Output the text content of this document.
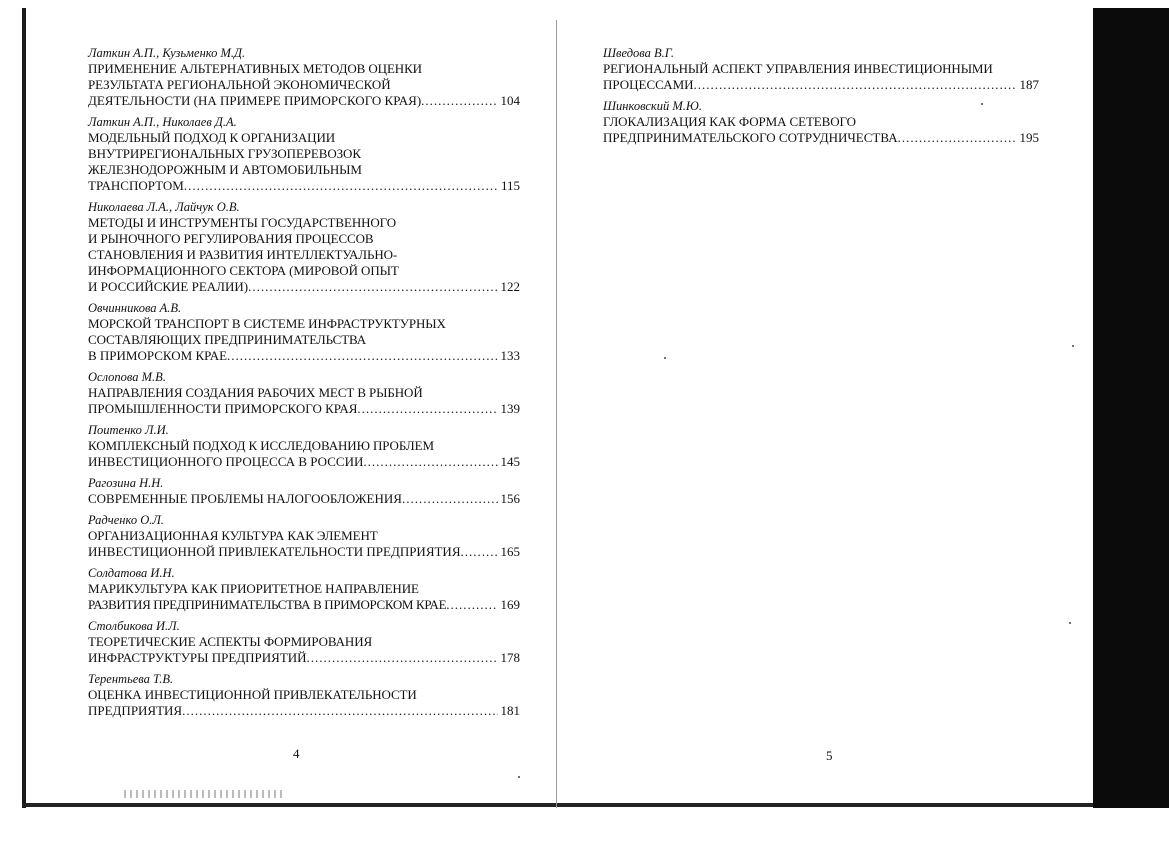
Латкин А.П., Кузьменко М.Д.
ПРИМЕНЕНИЕ АЛЬТЕРНАТИВНЫХ МЕТОДОВ ОЦЕНКИ
РЕЗУЛЬТАТА РЕГИОНАЛЬНОЙ ЭКОНОМИЧЕСКОЙ
ДЕЯТЕЛЬНОСТИ (НА ПРИМЕРЕ ПРИМОРСКОГО КРАЯ) .....	104
Латкин А.П., Николаев Д.А.
МОДЕЛЬНЫЙ ПОДХОД К ОРГАНИЗАЦИИ
ВНУТРИРЕГИОНАЛЬНЫХ ГРУЗОПЕРЕВОЗОК
ЖЕЛЕЗНОДОРОЖНЫМ И АВТОМОБИЛЬНЫМ
ТРАНСПОРТОМ .....	115
Николаева Л.А., Лайчук О.В.
МЕТОДЫ И ИНСТРУМЕНТЫ ГОСУДАРСТВЕННОГО
И РЫНОЧНОГО РЕГУЛИРОВАНИЯ ПРОЦЕССОВ
СТАНОВЛЕНИЯ И РАЗВИТИЯ ИНТЕЛЛЕКТУАЛЬНО-
ИНФОРМАЦИОННОГО СЕКТОРА (МИРОВОЙ ОПЫТ
И РОССИЙСКИЕ РЕАЛИИ) .....	122
Овчинникова А.В.
МОРСКОЙ ТРАНСПОРТ В СИСТЕМЕ ИНФРАСТРУКТУРНЫХ
СОСТАВЛЯЮЩИХ ПРЕДПРИНИМАТЕЛЬСТВА
В ПРИМОРСКОМ КРАЕ .....	133
Ослопова М.В.
НАПРАВЛЕНИЯ СОЗДАНИЯ РАБОЧИХ МЕСТ В РЫБНОЙ
ПРОМЫШЛЕННОСТИ ПРИМОРСКОГО КРАЯ .....	139
Поитенко Л.И.
КОМПЛЕКСНЫЙ ПОДХОД К ИССЛЕДОВАНИЮ ПРОБЛЕМ
ИНВЕСТИЦИОННОГО ПРОЦЕССА В РОССИИ .....	145
Рагозина Н.Н.
СОВРЕМЕННЫЕ ПРОБЛЕМЫ НАЛОГООБЛОЖЕНИЯ .....	156
Радченко О.Л.
ОРГАНИЗАЦИОННАЯ КУЛЬТУРА КАК ЭЛЕМЕНТ
ИНВЕСТИЦИОННОЙ ПРИВЛЕКАТЕЛЬНОСТИ ПРЕДПРИЯТИЯ .....	165
Солдатова И.Н.
МАРИКУЛЬТУРА КАК ПРИОРИТЕТНОЕ НАПРАВЛЕНИЕ
РАЗВИТИЯ ПРЕДПРИНИМАТЕЛЬСТВА В ПРИМОРСКОМ КРАЕ .....	169
Столбикова И.Л.
ТЕОРЕТИЧЕСКИЕ АСПЕКТЫ ФОРМИРОВАНИЯ
ИНФРАСТРУКТУРЫ ПРЕДПРИЯТИЙ .....	178
Терентьева Т.В.
ОЦЕНКА ИНВЕСТИЦИОННОЙ ПРИВЛЕКАТЕЛЬНОСТИ
ПРЕДПРИЯТИЯ .....	181
4
Шведова В.Г.
РЕГИОНАЛЬНЫЙ АСПЕКТ УПРАВЛЕНИЯ ИНВЕСТИЦИОННЫМИ
ПРОЦЕССАМИ .....	187
Шинковский М.Ю.
ГЛОКАЛИЗАЦИЯ КАК ФОРМА СЕТЕВОГО
ПРЕДПРИНИМАТЕЛЬСКОГО СОТРУДНИЧЕСТВА .....	195
5
